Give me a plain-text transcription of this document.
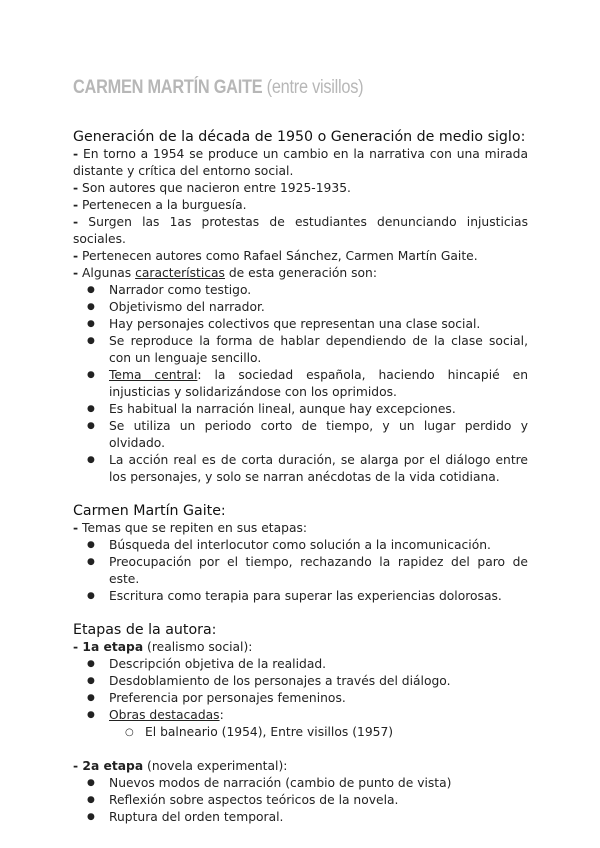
CARMEN MARTÍN GAITE (entre visillos)

Generación de la década de 1950 o Generación de medio siglo:

- En torno a 1954 se produce un cambio en la narrativa con una mirada distante y crítica del entorno social.

- Son autores que nacieron entre 1925-1935.

- Pertenecen a la burguesía.

- Surgen las 1as protestas de estudiantes denunciando injusticias sociales.

- Pertenecen autores como Rafael Sánchez, Carmen Martín Gaite.

- Algunas características de esta generación son:

● Narrador como testigo.
● Objetivismo del narrador.
● Hay personajes colectivos que representan una clase social.
● Se reproduce la forma de hablar dependiendo de la clase social, con un lenguaje sencillo.
● Tema central: la sociedad española, haciendo hincapié en injusticias y solidarizándose con los oprimidos.
● Es habitual la narración lineal, aunque hay excepciones.
● Se utiliza un periodo corto de tiempo, y un lugar perdido y olvidado.
● La acción real es de corta duración, se alarga por el diálogo entre los personajes, y solo se narran anécdotas de la vida cotidiana.

Carmen Martín Gaite:

- Temas que se repiten en sus etapas:

● Búsqueda del interlocutor como solución a la incomunicación.
● Preocupación por el tiempo, rechazando la rapidez del paro de este.
● Escritura como terapia para superar las experiencias dolorosas.

Etapas de la autora:

- 1a etapa (realismo social):

● Descripción objetiva de la realidad.
● Desdoblamiento de los personajes a través del diálogo.
● Preferencia por personajes femeninos.
● Obras destacadas:
○ El balneario (1954), Entre visillos (1957)

- 2a etapa (novela experimental):

● Nuevos modos de narración (cambio de punto de vista)
● Reflexión sobre aspectos teóricos de la novela.
● Ruptura del orden temporal.
